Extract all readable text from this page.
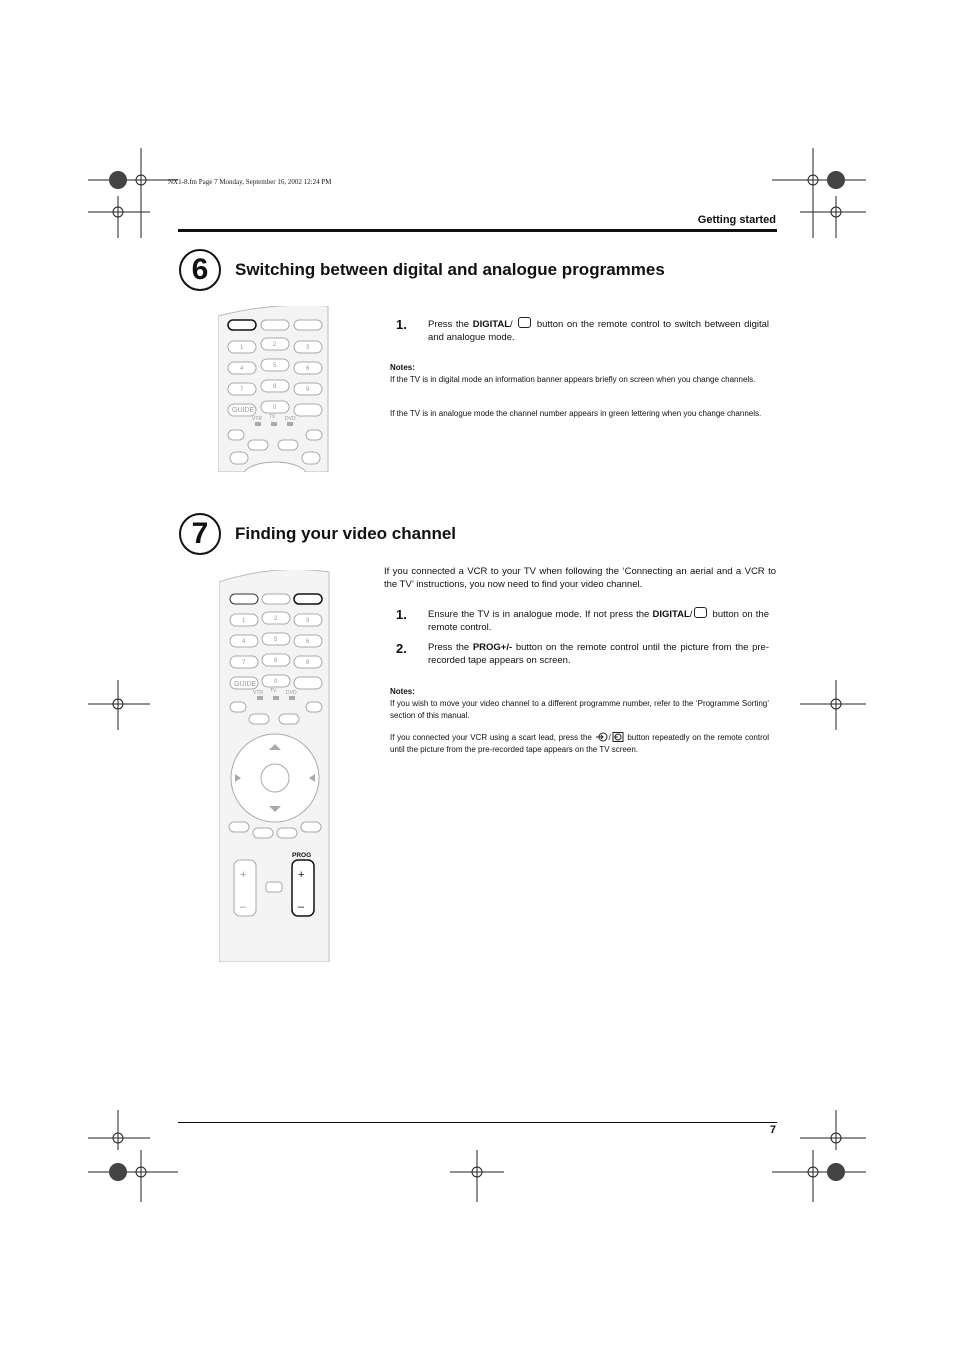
NX1-8.fm Page 7 Monday, September 16, 2002 12:24 PM
Getting started
6	Switching between digital and analogue programmes
1	2	3
4	5	6
7	8	9
0
GUIDE
VTR TV DVD
1. Press the DIGITAL/  button on the remote control to switch between digital and analogue mode.
Notes:
If the TV is in digital mode an information banner appears briefly on screen when you change channels.
If the TV is in analogue mode the channel number appears in green lettering when you change channels.
7	Finding your video channel
If you connected a VCR to your TV when following the ‘Connecting an aerial and a VCR to the TV’ instructions, you now need to find your video channel.
1. Ensure the TV is in analogue mode. If not press the DIGITAL/ button on the remote control.
2. Press the PROG+/- button on the remote control until the picture from the pre-recorded tape appears on screen.
Notes:
If you wish to move your video channel to a different programme number, refer to the ‘Programme Sorting’ section of this manual.
If you connected your VCR using a scart lead, press the / button repeatedly on the remote control until the picture from the pre-recorded tape appears on the TV screen.
1	2	3
4	5	6
7	8	9
0
GUIDE
VTR TV DVD
+
–
PROG
+
–
7
